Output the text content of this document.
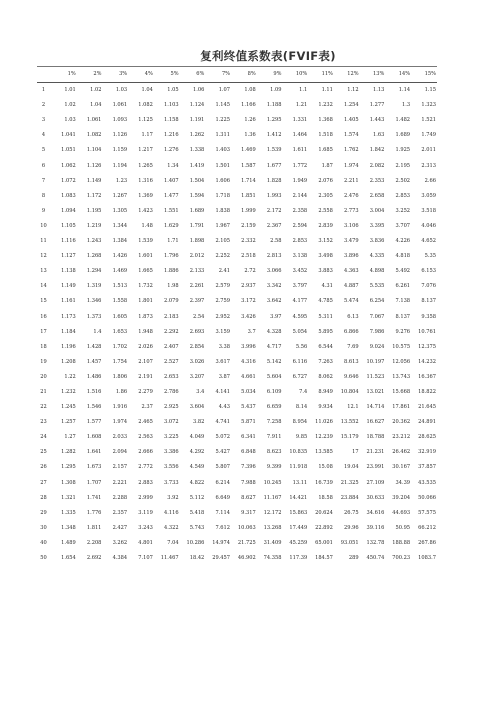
复利终值系数表(FVIF表)
	1%	2%	3%	4%	5%	6%	7%	8%	9%	10%	11%	12%	13%	14%	15%
1	1.01	1.02	1.03	1.04	1.05	1.06	1.07	1.08	1.09	1.1	1.11	1.12	1.13	1.14	1.15
2	1.02	1.04	1.061	1.082	1.103	1.124	1.145	1.166	1.188	1.21	1.232	1.254	1.277	1.3	1.323
3	1.03	1.061	1.093	1.125	1.158	1.191	1.225	1.26	1.295	1.331	1.368	1.405	1.443	1.482	1.521
4	1.041	1.082	1.126	1.17	1.216	1.262	1.311	1.36	1.412	1.464	1.518	1.574	1.63	1.689	1.749
5	1.051	1.104	1.159	1.217	1.276	1.338	1.403	1.469	1.539	1.611	1.685	1.762	1.842	1.925	2.011
6	1.062	1.126	1.194	1.265	1.34	1.419	1.501	1.587	1.677	1.772	1.87	1.974	2.082	2.195	2.313
7	1.072	1.149	1.23	1.316	1.407	1.504	1.606	1.714	1.828	1.949	2.076	2.211	2.353	2.502	2.66
8	1.083	1.172	1.267	1.369	1.477	1.594	1.718	1.851	1.993	2.144	2.305	2.476	2.658	2.853	3.059
9	1.094	1.195	1.305	1.423	1.551	1.689	1.838	1.999	2.172	2.358	2.558	2.773	3.004	3.252	3.518
10	1.105	1.219	1.344	1.48	1.629	1.791	1.967	2.159	2.367	2.594	2.839	3.106	3.395	3.707	4.046
11	1.116	1.243	1.384	1.539	1.71	1.898	2.105	2.332	2.58	2.853	3.152	3.479	3.836	4.226	4.652
12	1.127	1.268	1.426	1.601	1.796	2.012	2.252	2.518	2.813	3.138	3.498	3.896	4.335	4.818	5.35
13	1.138	1.294	1.469	1.665	1.886	2.133	2.41	2.72	3.066	3.452	3.883	4.363	4.898	5.492	6.153
14	1.149	1.319	1.513	1.732	1.98	2.261	2.579	2.937	3.342	3.797	4.31	4.887	5.535	6.261	7.076
15	1.161	1.346	1.558	1.801	2.079	2.397	2.759	3.172	3.642	4.177	4.785	5.474	6.254	7.138	8.137
16	1.173	1.373	1.605	1.873	2.183	2.54	2.952	3.426	3.97	4.595	5.311	6.13	7.067	8.137	9.358
17	1.184	1.4	1.653	1.948	2.292	2.693	3.159	3.7	4.328	5.054	5.895	6.866	7.986	9.276	10.761
18	1.196	1.428	1.702	2.026	2.407	2.854	3.38	3.996	4.717	5.56	6.544	7.69	9.024	10.575	12.375
19	1.208	1.457	1.754	2.107	2.527	3.026	3.617	4.316	5.142	6.116	7.263	8.613	10.197	12.056	14.232
20	1.22	1.486	1.806	2.191	2.653	3.207	3.87	4.661	5.604	6.727	8.062	9.646	11.523	13.743	16.367
21	1.232	1.516	1.86	2.279	2.786	3.4	4.141	5.034	6.109	7.4	8.949	10.804	13.021	15.668	18.822
22	1.245	1.546	1.916	2.37	2.925	3.604	4.43	5.437	6.659	8.14	9.934	12.1	14.714	17.861	21.645
23	1.257	1.577	1.974	2.465	3.072	3.82	4.741	5.871	7.258	8.954	11.026	13.552	16.627	20.362	24.891
24	1.27	1.608	2.033	2.563	3.225	4.049	5.072	6.341	7.911	9.85	12.239	15.179	18.788	23.212	28.625
25	1.282	1.641	2.094	2.666	3.386	4.292	5.427	6.848	8.623	10.835	13.585	17	21.231	26.462	32.919
26	1.295	1.673	2.157	2.772	3.556	4.549	5.807	7.396	9.399	11.918	15.08	19.04	23.991	30.167	37.857
27	1.308	1.707	2.221	2.883	3.733	4.822	6.214	7.988	10.245	13.11	16.739	21.325	27.109	34.39	43.535
28	1.321	1.741	2.288	2.999	3.92	5.112	6.649	8.627	11.167	14.421	18.58	23.884	30.633	39.204	50.066
29	1.335	1.776	2.357	3.119	4.116	5.418	7.114	9.317	12.172	15.863	20.624	26.75	34.616	44.693	57.575
30	1.348	1.811	2.427	3.243	4.322	5.743	7.612	10.063	13.268	17.449	22.892	29.96	39.116	50.95	66.212
40	1.489	2.208	3.262	4.801	7.04	10.286	14.974	21.725	31.409	45.259	65.001	93.051	132.78	188.88	267.86
50	1.654	2.692	4.384	7.107	11.467	18.42	29.457	46.902	74.358	117.39	184.57	289	450.74	700.23	1083.7
